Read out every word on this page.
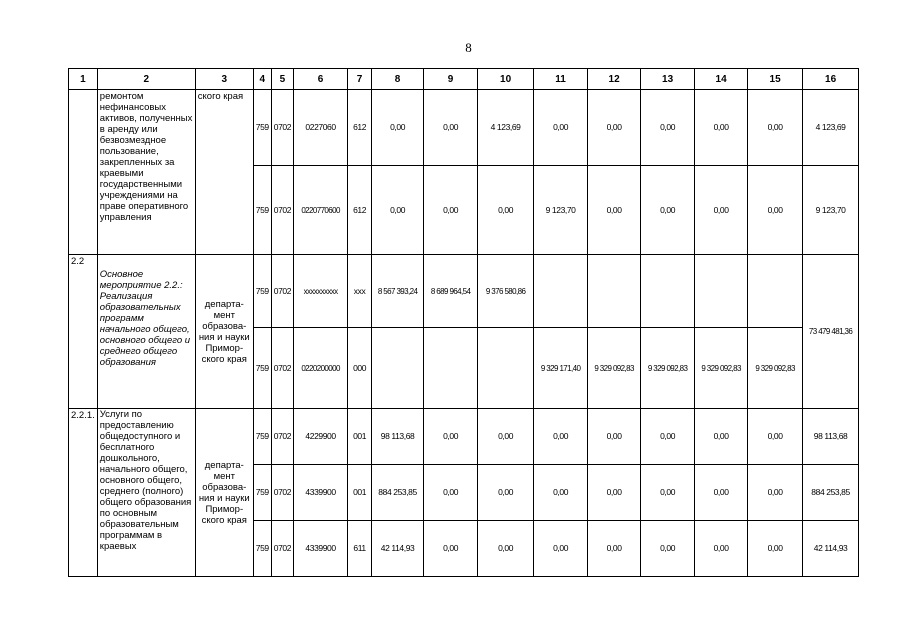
8
1	2	3	4	5	6	7	8	9	10	11	12	13	14	15	16
	ремонтом нефинансовых активов, полученных в аренду или безвозмездное пользование, закрепленных за краевыми государственными учреждениями на праве оперативного управления	ского края	759	0702	0227060	612	0,00	0,00	4 123,69	0,00	0,00	0,00	0,00	0,00	4 123,69
			759	0702	0220770600	612	0,00	0,00	0,00	9 123,70	0,00	0,00	0,00	0,00	9 123,70
2.2	Основное мероприятие 2.2.: Реализация образовательных программ начального общего, основного общего и среднего общего образования	департа-мент образова-ния и науки Примор-ского края	759	0702	xxxxxxxxxx	xxx	8 567 393,24	8 689 964,54	9 376 580,86						73 479 481,36
			759	0702	0220200000	000				9 329 171,40	9 329 092,83	9 329 092,83	9 329 092,83	9 329 092,83	
2.2.1.	Услуги по предоставлению общедоступного и бесплатного дошкольного, начального общего, основного общего, среднего (полного) общего образования по основным образовательным программам в краевых	департа-мент образова-ния и науки Примор-ского края	759	0702	4229900	001	98 113,68	0,00	0,00	0,00	0,00	0,00	0,00	0,00	98 113,68
			759	0702	4339900	001	884 253,85	0,00	0,00	0,00	0,00	0,00	0,00	0,00	884 253,85
			759	0702	4339900	611	42 114,93	0,00	0,00	0,00	0,00	0,00	0,00	0,00	42 114,93
